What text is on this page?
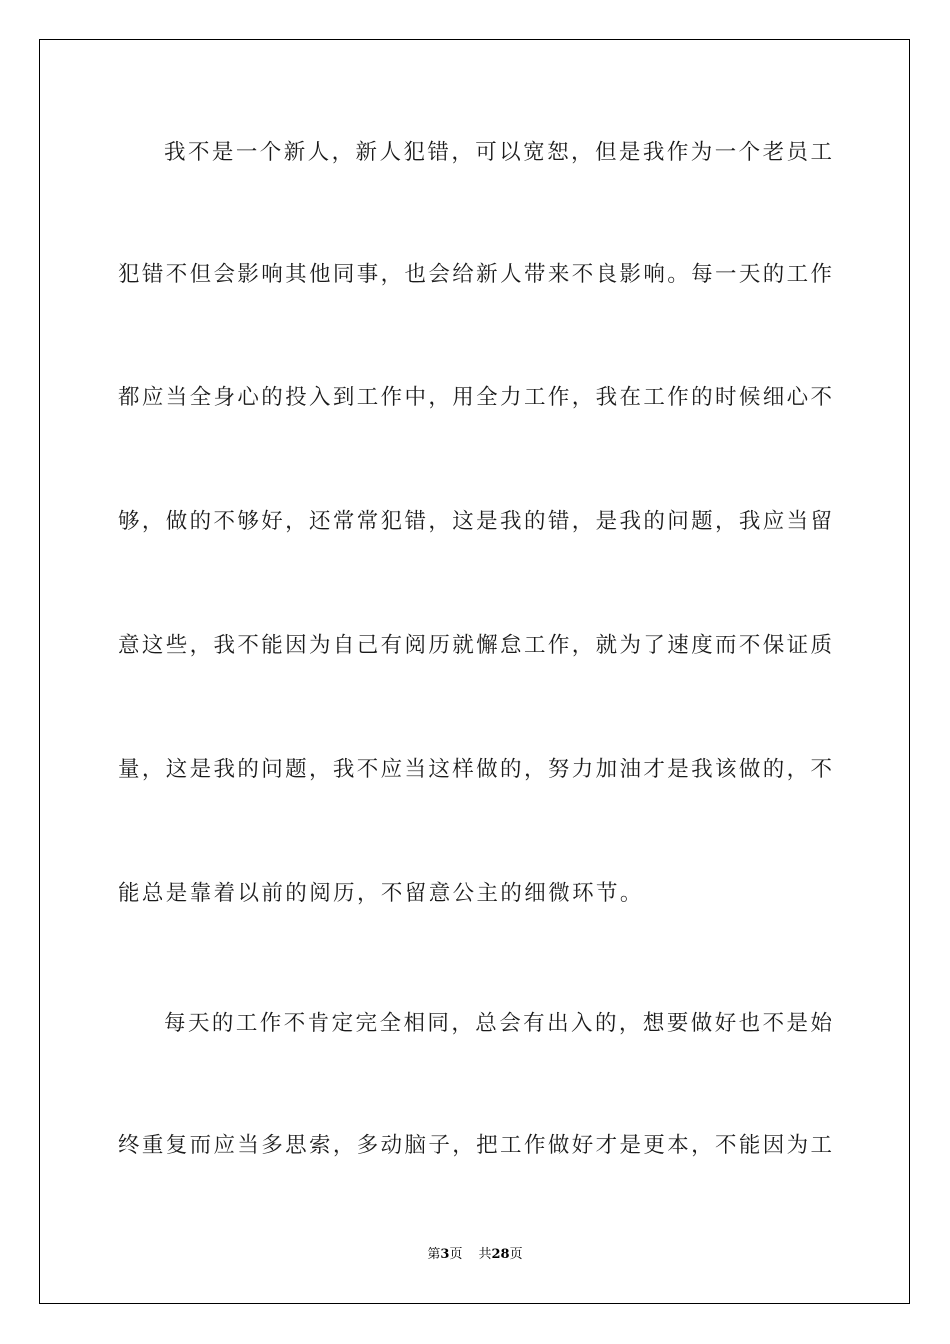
我不是一个新人，新人犯错，可以宽恕，但是我作为一个老员工
犯错不但会影响其他同事，也会给新人带来不良影响。每一天的工作
都应当全身心的投入到工作中，用全力工作，我在工作的时候细心不
够，做的不够好，还常常犯错，这是我的错，是我的问题，我应当留
意这些，我不能因为自己有阅历就懈怠工作，就为了速度而不保证质
量，这是我的问题，我不应当这样做的，努力加油才是我该做的，不
能总是靠着以前的阅历，不留意公主的细微环节。
每天的工作不肯定完全相同，总会有出入的，想要做好也不是始
终重复而应当多思索，多动脑子，把工作做好才是更本，不能因为工
第3页 共28页
